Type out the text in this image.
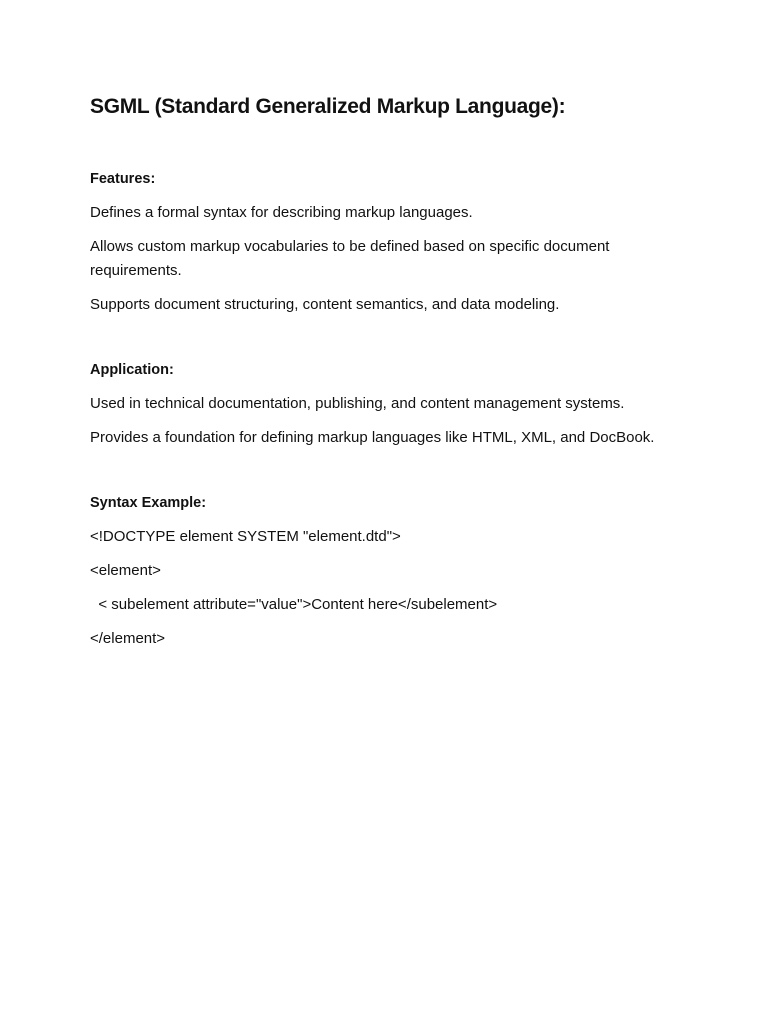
SGML (Standard Generalized Markup Language):

Features:

Defines a formal syntax for describing markup languages.

Allows custom markup vocabularies to be defined based on specific document requirements.

Supports document structuring, content semantics, and data modeling.

Application:

Used in technical documentation, publishing, and content management systems.

Provides a foundation for defining markup languages like HTML, XML, and DocBook.

Syntax Example:

<!DOCTYPE element SYSTEM "element.dtd">

<element>

< subelement attribute="value">Content here</subelement>

</element>
